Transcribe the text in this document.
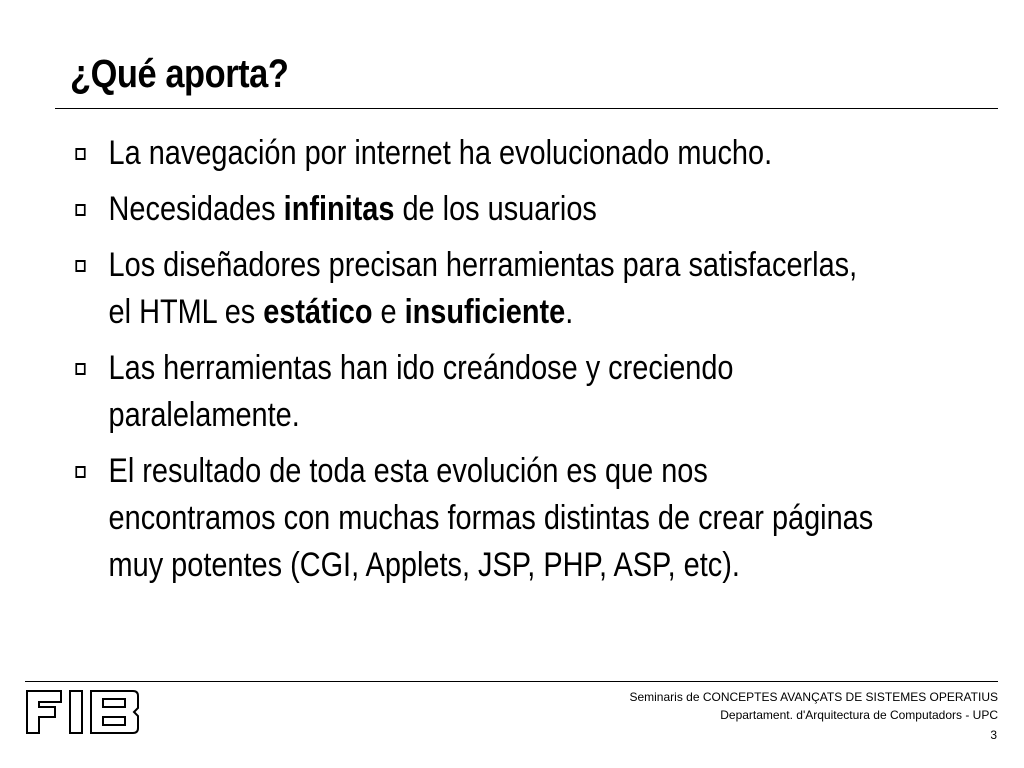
¿Qué aporta?
La navegación por internet ha evolucionado mucho.
Necesidades infinitas de los usuarios
Los diseñadores precisan herramientas para satisfacerlas,
el HTML es estático e insuficiente.
Las herramientas han ido creándose y creciendo
paralelamente.
El resultado de toda esta evolución es que nos
encontramos con muchas formas distintas de crear páginas
muy potentes (CGI, Applets, JSP, PHP, ASP, etc).
Seminaris de CONCEPTES AVANÇATS DE SISTEMES OPERATIUS
Departament. d'Arquitectura de Computadors - UPC
3
